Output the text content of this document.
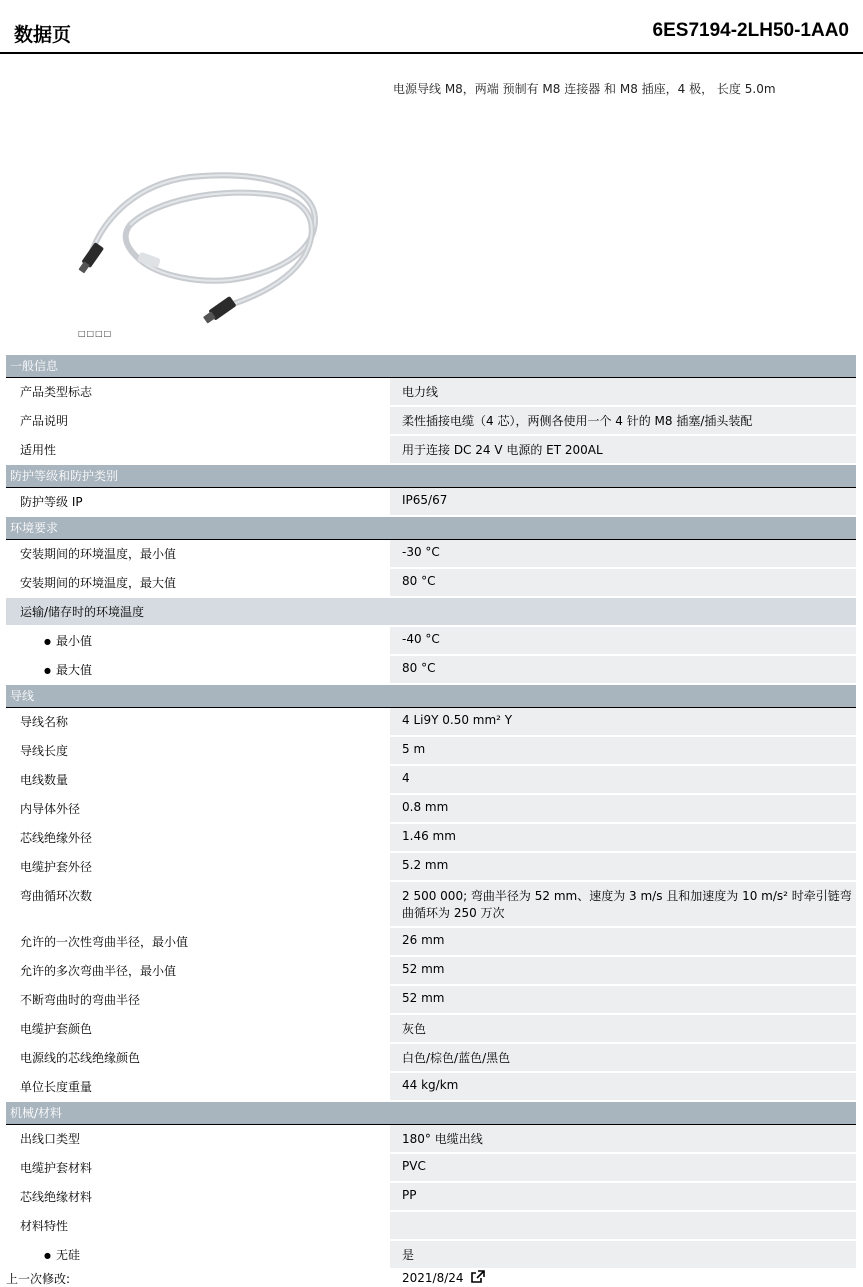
数据页	6ES7194-2LH50-1AA0
电源导线 M8，两端 预制有 M8 连接器 和 M8 插座，4 极， 长度 5.0m
□□□□
一般信息	
产品类型标志	电力线
产品说明	柔性插接电缆（4 芯），两侧各使用一个 4 针的 M8 插塞/插头装配
适用性	用于连接 DC 24 V 电源的 ET 200AL
防护等级和防护类别	
防护等级 IP	IP65/67
环境要求	
安装期间的环境温度，最小值	-30 °C
安装期间的环境温度，最大值	80 °C
运输/储存时的环境温度	
● 最小值	-40 °C
● 最大值	80 °C
导线	
导线名称	4 Li9Y 0.50 mm² Y
导线长度	5 m
电线数量	4
内导体外径	0.8 mm
芯线绝缘外径	1.46 mm
电缆护套外径	5.2 mm
弯曲循环次数	2 500 000; 弯曲半径为 52 mm、速度为 3 m/s 且和加速度为 10 m/s² 时牵引链弯曲循环为 250 万次
允许的一次性弯曲半径，最小值	26 mm
允许的多次弯曲半径，最小值	52 mm
不断弯曲时的弯曲半径	52 mm
电缆护套颜色	灰色
电源线的芯线绝缘颜色	白色/棕色/蓝色/黑色
单位长度重量	44 kg/km
机械/材料	
出线口类型	180° 电缆出线
电缆护套材料	PVC
芯线绝缘材料	PP
材料特性	
● 无硅	是
上一次修改:	2021/8/24
